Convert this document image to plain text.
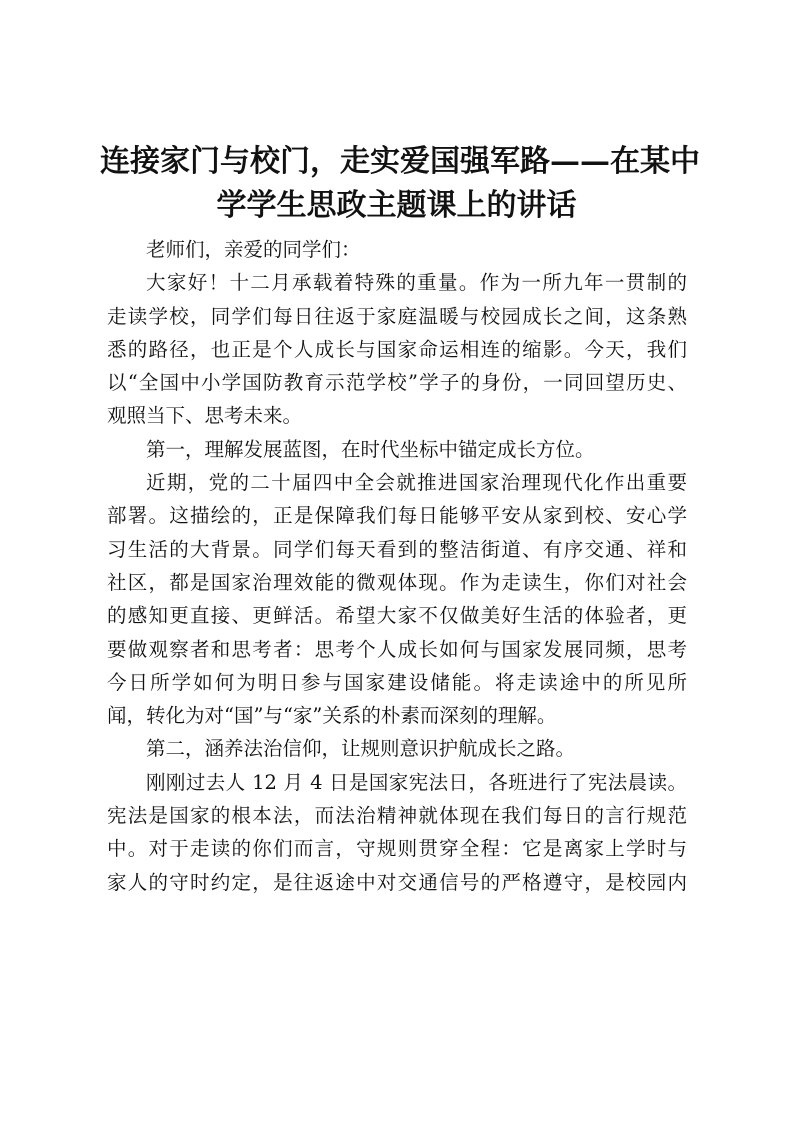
连接家门与校门，走实爱国强军路——在某中
学学生思政主题课上的讲话
老师们，亲爱的同学们：
大家好！十二月承载着特殊的重量。作为一所九年一贯制的
走读学校，同学们每日往返于家庭温暖与校园成长之间，这条熟
悉的路径，也正是个人成长与国家命运相连的缩影。今天，我们
以“全国中小学国防教育示范学校”学子的身份，一同回望历史、
观照当下、思考未来。
第一，理解发展蓝图，在时代坐标中锚定成长方位。
近期，党的二十届四中全会就推进国家治理现代化作出重要
部署。这描绘的，正是保障我们每日能够平安从家到校、安心学
习生活的大背景。同学们每天看到的整洁街道、有序交通、祥和
社区，都是国家治理效能的微观体现。作为走读生，你们对社会
的感知更直接、更鲜活。希望大家不仅做美好生活的体验者，更
要做观察者和思考者：思考个人成长如何与国家发展同频，思考
今日所学如何为明日参与国家建设储能。将走读途中的所见所
闻，转化为对“国”与“家”关系的朴素而深刻的理解。
第二，涵养法治信仰，让规则意识护航成长之路。
刚刚过去人 12 月 4 日是国家宪法日，各班进行了宪法晨读。
宪法是国家的根本法，而法治精神就体现在我们每日的言行规范
中。对于走读的你们而言，守规则贯穿全程：它是离家上学时与
家人的守时约定，是往返途中对交通信号的严格遵守，是校园内
